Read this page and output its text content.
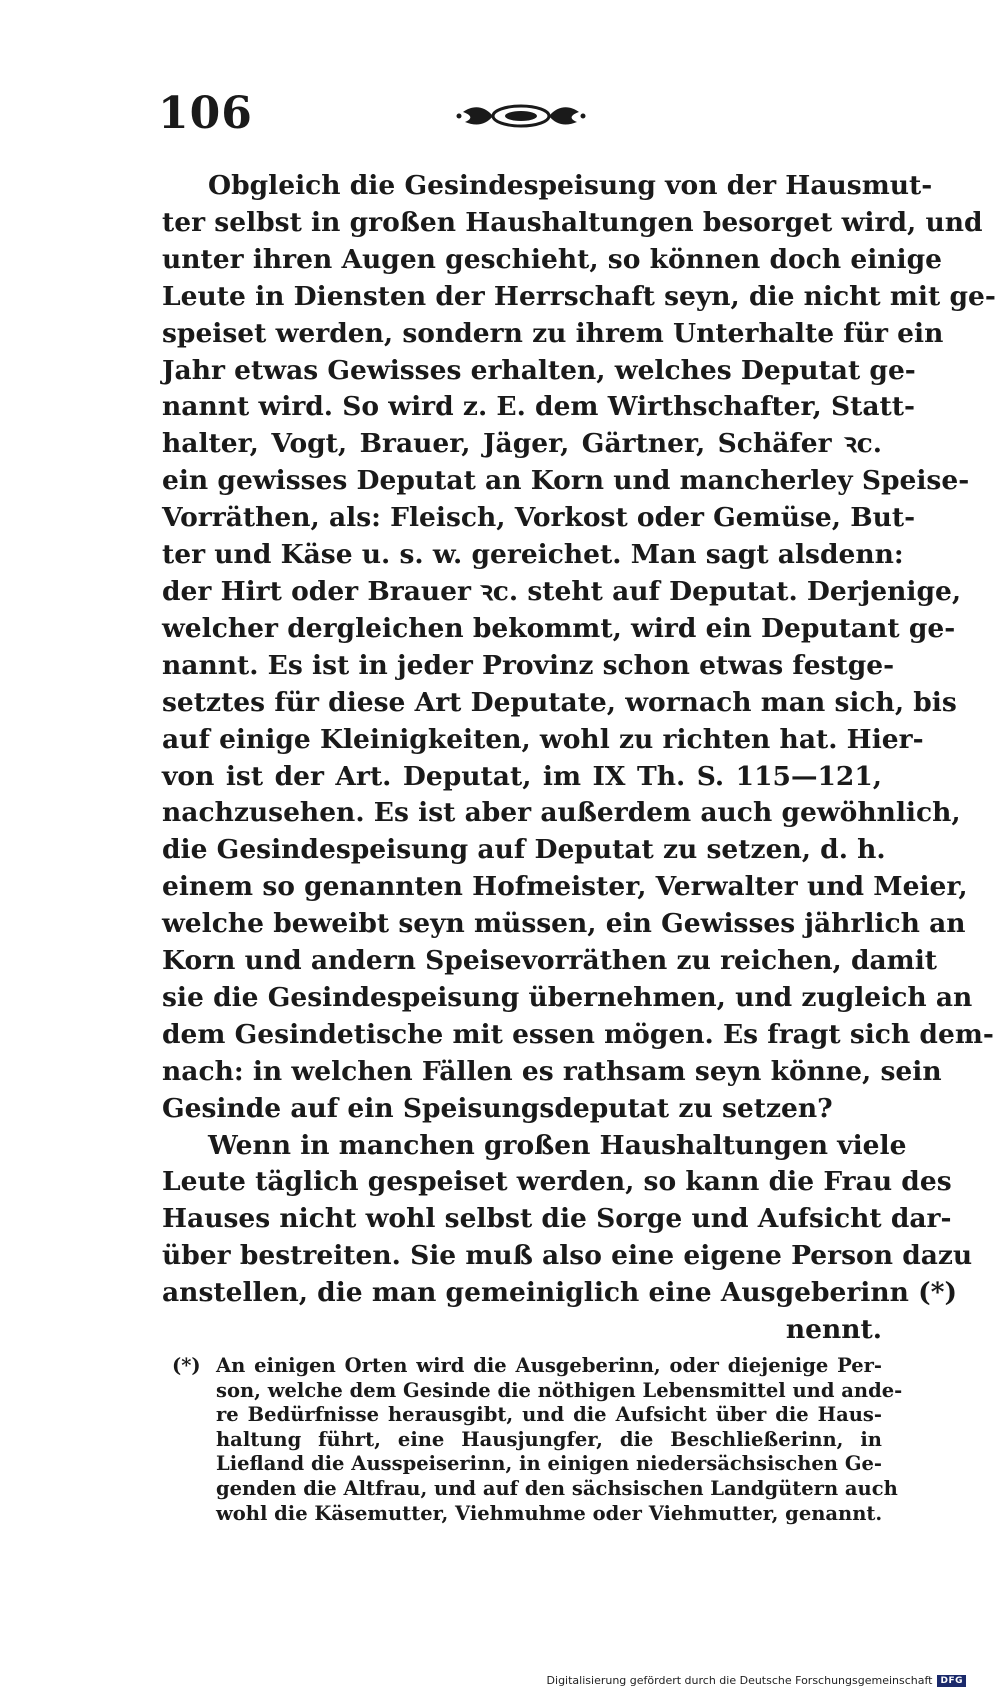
106
Obgleich die Gesindespeisung von der Hausmut-
ter selbst in großen Haushaltungen besorget wird, und
unter ihren Augen geschieht, so können doch einige
Leute in Diensten der Herrschaft seyn, die nicht mit ge-
speiset werden, sondern zu ihrem Unterhalte für ein
Jahr etwas Gewisses erhalten, welches Deputat ge-
nannt wird. So wird z. E. dem Wirthschafter, Statt-
halter, Vogt, Brauer, Jäger, Gärtner, Schäfer ꝛc.
ein gewisses Deputat an Korn und mancherley Speise-
Vorräthen, als: Fleisch, Vorkost oder Gemüse, But-
ter und Käse u. s. w. gereichet. Man sagt alsdenn:
der Hirt oder Brauer ꝛc. steht auf Deputat. Derjenige,
welcher dergleichen bekommt, wird ein Deputant ge-
nannt. Es ist in jeder Provinz schon etwas festge-
setztes für diese Art Deputate, wornach man sich, bis
auf einige Kleinigkeiten, wohl zu richten hat. Hier-
von ist der Art. Deputat, im IX Th. S. 115—121,
nachzusehen. Es ist aber außerdem auch gewöhnlich,
die Gesindespeisung auf Deputat zu setzen, d. h.
einem so genannten Hofmeister, Verwalter und Meier,
welche beweibt seyn müssen, ein Gewisses jährlich an
Korn und andern Speisevorräthen zu reichen, damit
sie die Gesindespeisung übernehmen, und zugleich an
dem Gesindetische mit essen mögen. Es fragt sich dem-
nach: in welchen Fällen es rathsam seyn könne, sein
Gesinde auf ein Speisungsdeputat zu setzen?
Wenn in manchen großen Haushaltungen viele
Leute täglich gespeiset werden, so kann die Frau des
Hauses nicht wohl selbst die Sorge und Aufsicht dar-
über bestreiten. Sie muß also eine eigene Person dazu
anstellen, die man gemeiniglich eine Ausgeberinn (*)
nennt.
(*) An einigen Orten wird die Ausgeberinn, oder diejenige Per-
son, welche dem Gesinde die nöthigen Lebensmittel und ande-
re Bedürfnisse herausgibt, und die Aufsicht über die Haus-
haltung führt, eine Hausjungfer, die Beschließerinn, in
Liefland die Ausspeiserinn, in einigen niedersächsischen Ge-
genden die Altfrau, und auf den sächsischen Landgütern auch
wohl die Käsemutter, Viehmuhme oder Viehmutter, genannt.
Digitalisierung gefördert durch die Deutsche Forschungsgemeinschaft DFG
